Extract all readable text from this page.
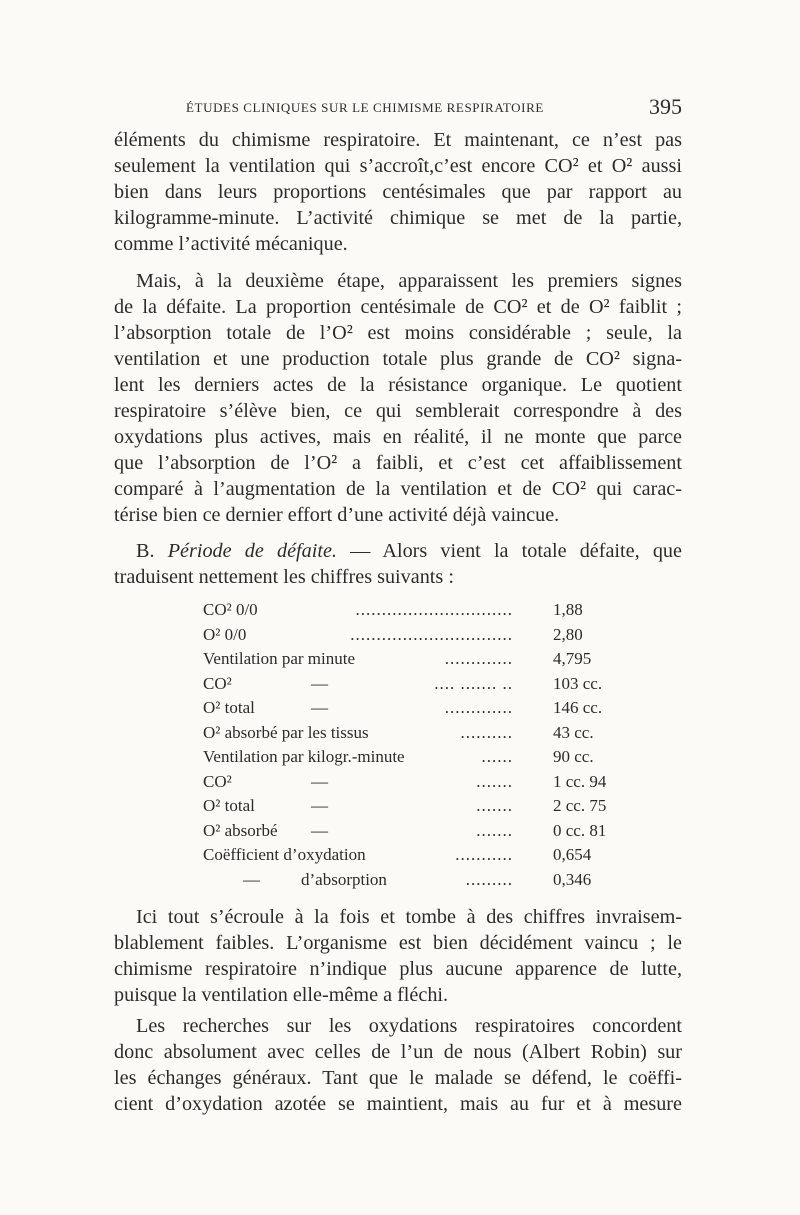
ÉTUDES CLINIQUES SUR LE CHIMISME RESPIRATOIRE	395
éléments du chimisme respiratoire. Et maintenant, ce n’est pas
seulement la ventilation qui s’accroît,c’est encore CO² et O² aussi
bien dans leurs proportions centésimales que par rapport au
kilogramme-minute. L’activité chimique se met de la partie,
comme l’activité mécanique.
Mais, à la deuxième étape, apparaissent les premiers signes
de la défaite. La proportion centésimale de CO² et de O² faiblit ;
l’absorption totale de l’O² est moins considérable ; seule, la
ventilation et une production totale plus grande de CO² signa-
lent les derniers actes de la résistance organique. Le quotient
respiratoire s’élève bien, ce qui semblerait correspondre à des
oxydations plus actives, mais en réalité, il ne monte que parce
que l’absorption de l’O² a faibli, et c’est cet affaiblissement
comparé à l’augmentation de la ventilation et de CO² qui carac-
térise bien ce dernier effort d’une activité déjà vaincue.
B. Période de défaite. — Alors vient la totale défaite, que
traduisent nettement les chiffres suivants :
CO² 0/0	.............................. 1,88
O² 0/0	............................... 2,80
Ventilation par minute	............. 4,795
CO²	—	.... ....... .. 103 cc.
O² total	—	............. 146 cc.
O² absorbé par les tissus	.......... 43 cc.
Ventilation par kilogr.-minute	...... 90 cc.
CO²	—	....... 1 cc. 94
O² total	—	....... 2 cc. 75
O² absorbé —	....... 0 cc. 81
Coëfficient d’oxydation	........... 0,654
— d’absorption	......... 0,346
Ici tout s’écroule à la fois et tombe à des chiffres invraisem-
blablement faibles. L’organisme est bien décidément vaincu ; le
chimisme respiratoire n’indique plus aucune apparence de lutte,
puisque la ventilation elle-même a fléchi.
Les recherches sur les oxydations respiratoires concordent
donc absolument avec celles de l’un de nous (Albert Robin) sur
les échanges généraux. Tant que le malade se défend, le coëffi-
cient d’oxydation azotée se maintient, mais au fur et à mesure
